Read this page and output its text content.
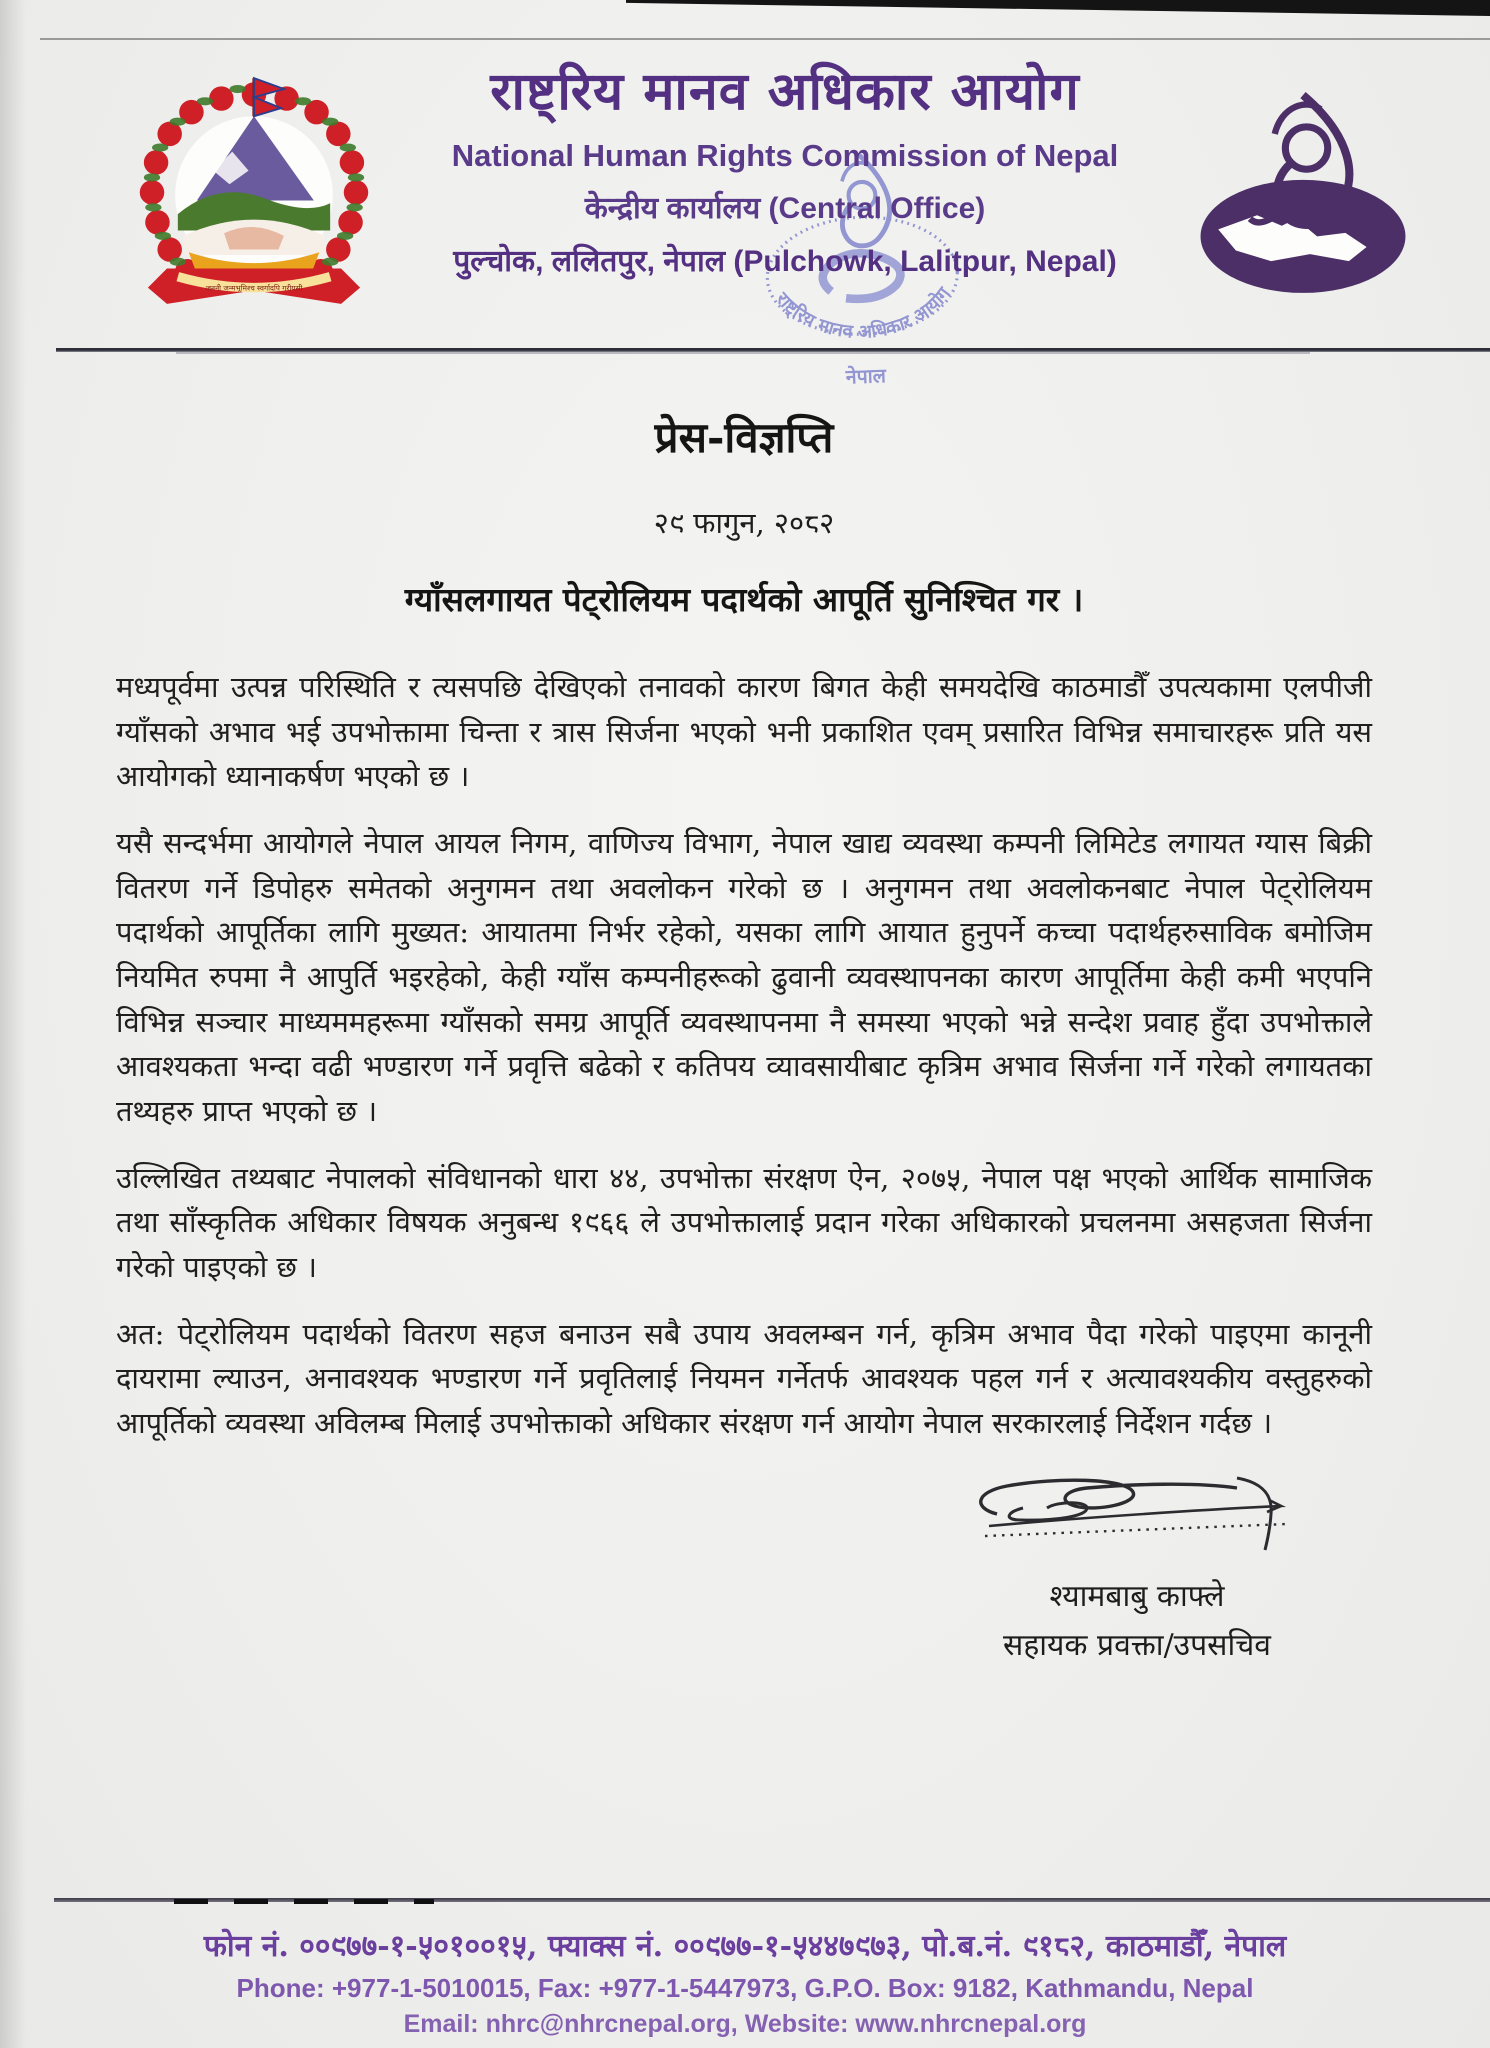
जननी जन्मभूमिश्च स्वर्गादपि गरीयसी
राष्ट्रिय मानव अधिकार आयोग
नेपाल
राष्ट्रिय मानव अधिकार आयोग
National Human Rights Commission of Nepal
केन्द्रीय कार्यालय (Central Office)
पुल्चोक, ललितपुर, नेपाल (Pulchowk, Lalitpur, Nepal)
प्रेस-विज्ञप्ति
२९ फागुन, २०८२
ग्याँसलगायत पेट्रोलियम पदार्थको आपूर्ति सुनिश्चित गर ।

मध्यपूर्वमा उत्पन्न परिस्थिति र त्यसपछि देखिएको तनावको कारण बिगत केही समयदेखि काठमाडौँ उपत्यकामा एलपीजी ग्याँसको अभाव भई उपभोक्तामा चिन्ता र त्रास सिर्जना भएको भनी प्रकाशित एवम् प्रसारित विभिन्न समाचारहरू प्रति यस आयोगको ध्यानाकर्षण भएको छ ।

यसै सन्दर्भमा आयोगले नेपाल आयल निगम, वाणिज्य विभाग, नेपाल खाद्य व्यवस्था कम्पनी लिमिटेड लगायत ग्यास बिक्री वितरण गर्ने डिपोहरु समेतको अनुगमन तथा अवलोकन गरेको छ । अनुगमन तथा अवलोकनबाट नेपाल पेट्रोलियम पदार्थको आपूर्तिका लागि मुख्यत: आयातमा निर्भर रहेको, यसका लागि आयात हुनुपर्ने कच्चा पदार्थहरुसाविक बमोजिम नियमित रुपमा नै आपुर्ति भइरहेको, केही ग्याँस कम्पनीहरूको ढुवानी व्यवस्थापनका कारण आपूर्तिमा केही कमी भएपनि विभिन्न सञ्चार माध्यममहरूमा ग्याँसको समग्र आपूर्ति व्यवस्थापनमा नै समस्या भएको भन्ने सन्देश प्रवाह हुँदा उपभोक्ताले आवश्यकता भन्दा वढी भण्डारण गर्ने प्रवृत्ति बढेको र कतिपय व्यावसायीबाट कृत्रिम अभाव सिर्जना गर्ने गरेको लगायतका तथ्यहरु प्राप्त भएको छ ।

उल्लिखित तथ्यबाट नेपालको संविधानको धारा ४४, उपभोक्ता संरक्षण ऐन, २०७५, नेपाल पक्ष भएको आर्थिक सामाजिक तथा साँस्कृतिक अधिकार विषयक अनुबन्ध १९६६ ले उपभोक्तालाई प्रदान गरेका अधिकारको प्रचलनमा असहजता सिर्जना गरेको पाइएको छ ।

अत: पेट्रोलियम पदार्थको वितरण सहज बनाउन सबै उपाय अवलम्बन गर्न, कृत्रिम अभाव पैदा गरेको पाइएमा कानूनी दायरामा ल्याउन, अनावश्यक भण्डारण गर्ने प्रवृतिलाई नियमन गर्नेतर्फ आवश्यक पहल गर्न र अत्यावश्यकीय वस्तुहरुको आपूर्तिको व्यवस्था अविलम्ब मिलाई उपभोक्ताको अधिकार संरक्षण गर्न आयोग नेपाल सरकारलाई निर्देशन गर्दछ ।

श्यामबाबु काफ्ले
सहायक प्रवक्ता/उपसचिव
फोन नं. ००९७७-१-५०१००१५, फ्याक्स नं. ००९७७-१-५४४७९७३, पो.ब.नं. ९१८२, काठमाडौँ, नेपाल
Phone: +977-1-5010015, Fax: +977-1-5447973, G.P.O. Box: 9182, Kathmandu, Nepal
Email: nhrc@nhrcnepal.org, Website: www.nhrcnepal.org
